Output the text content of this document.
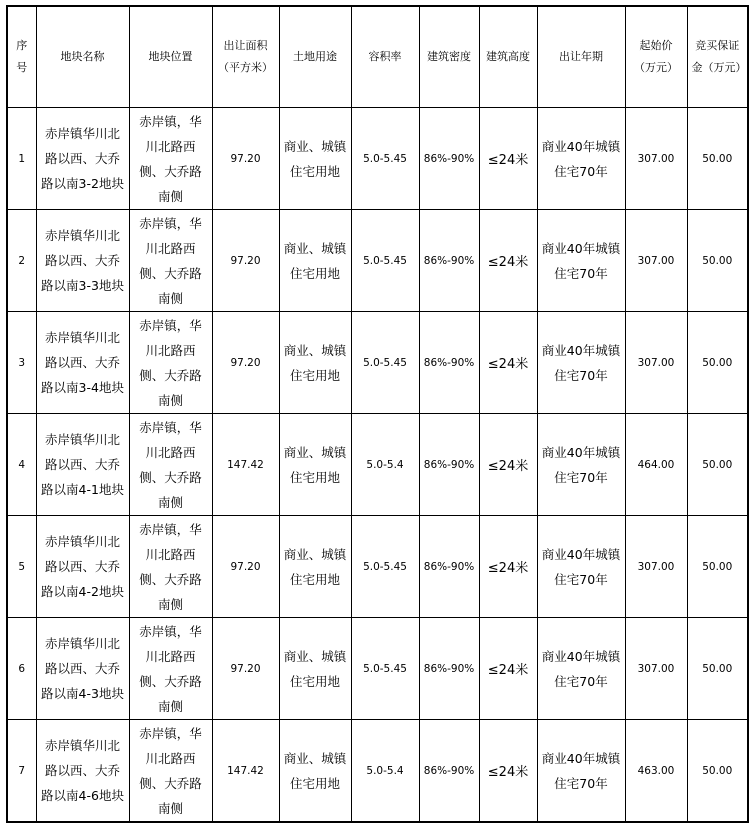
序号	地块名称	地块位置	出让面积（平方米）	土地用途	容积率	建筑密度	建筑高度	出让年期	起始价（万元）	竞买保证金（万元）
1	赤岸镇华川北路以西、大乔路以南3-2地块	赤岸镇，华川北路西侧、大乔路南侧	97.20	商业、城镇住宅用地	5.0-5.45	86%-90%	≤24米	商业40年城镇住宅70年	307.00	50.00
2	赤岸镇华川北路以西、大乔路以南3-3地块	赤岸镇，华川北路西侧、大乔路南侧	97.20	商业、城镇住宅用地	5.0-5.45	86%-90%	≤24米	商业40年城镇住宅70年	307.00	50.00
3	赤岸镇华川北路以西、大乔路以南3-4地块	赤岸镇，华川北路西侧、大乔路南侧	97.20	商业、城镇住宅用地	5.0-5.45	86%-90%	≤24米	商业40年城镇住宅70年	307.00	50.00
4	赤岸镇华川北路以西、大乔路以南4-1地块	赤岸镇，华川北路西侧、大乔路南侧	147.42	商业、城镇住宅用地	5.0-5.4	86%-90%	≤24米	商业40年城镇住宅70年	464.00	50.00
5	赤岸镇华川北路以西、大乔路以南4-2地块	赤岸镇，华川北路西侧、大乔路南侧	97.20	商业、城镇住宅用地	5.0-5.45	86%-90%	≤24米	商业40年城镇住宅70年	307.00	50.00
6	赤岸镇华川北路以西、大乔路以南4-3地块	赤岸镇，华川北路西侧、大乔路南侧	97.20	商业、城镇住宅用地	5.0-5.45	86%-90%	≤24米	商业40年城镇住宅70年	307.00	50.00
7	赤岸镇华川北路以西、大乔路以南4-6地块	赤岸镇，华川北路西侧、大乔路南侧	147.42	商业、城镇住宅用地	5.0-5.4	86%-90%	≤24米	商业40年城镇住宅70年	463.00	50.00
